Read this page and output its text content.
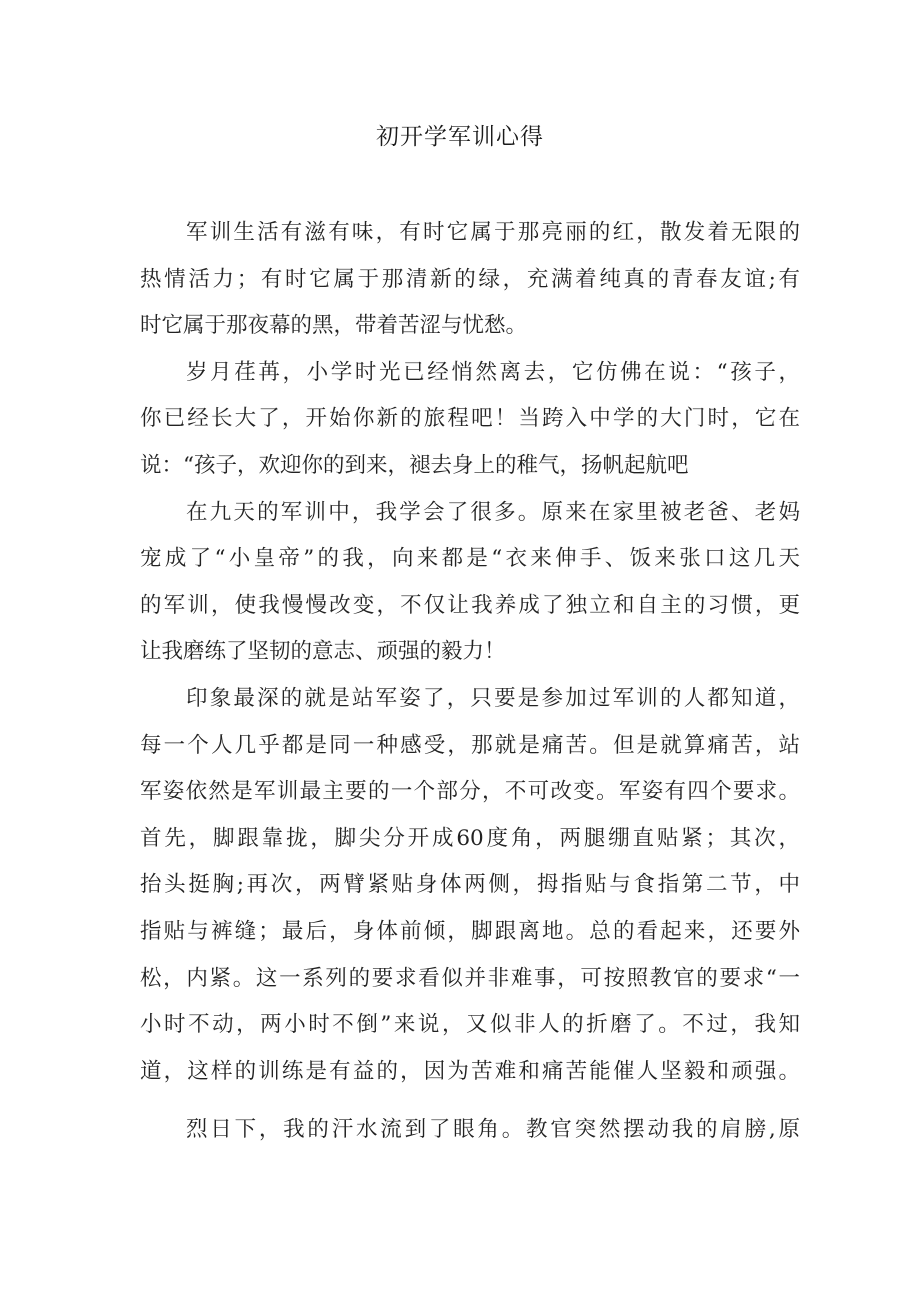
初开学军训心得
军训生活有滋有味，有时它属于那亮丽的红，散发着无限的
热情活力；有时它属于那清新的绿，充满着纯真的青春友谊;有
时它属于那夜幕的黑，带着苦涩与忧愁。
岁月荏苒，小学时光已经悄然离去，它仿佛在说：“孩子，
你已经长大了，开始你新的旅程吧！当跨入中学的大门时，它在
说：“孩子，欢迎你的到来，褪去身上的稚气，扬帆起航吧
在九天的军训中，我学会了很多。原来在家里被老爸、老妈
宠成了“小皇帝”的我，向来都是“衣来伸手、饭来张口这几天
的军训，使我慢慢改变，不仅让我养成了独立和自主的习惯，更
让我磨练了坚韧的意志、顽强的毅力！
印象最深的就是站军姿了，只要是参加过军训的人都知道，
每一个人几乎都是同一种感受，那就是痛苦。但是就算痛苦，站
军姿依然是军训最主要的一个部分，不可改变。军姿有四个要求。
首先，脚跟靠拢，脚尖分开成60度角，两腿绷直贴紧；其次，
抬头挺胸;再次，两臂紧贴身体两侧，拇指贴与食指第二节，中
指贴与裤缝；最后，身体前倾，脚跟离地。总的看起来，还要外
松，内紧。这一系列的要求看似并非难事，可按照教官的要求“一
小时不动，两小时不倒”来说，又似非人的折磨了。不过，我知
道，这样的训练是有益的，因为苦难和痛苦能催人坚毅和顽强。
烈日下，我的汗水流到了眼角。教官突然摆动我的肩膀,原
